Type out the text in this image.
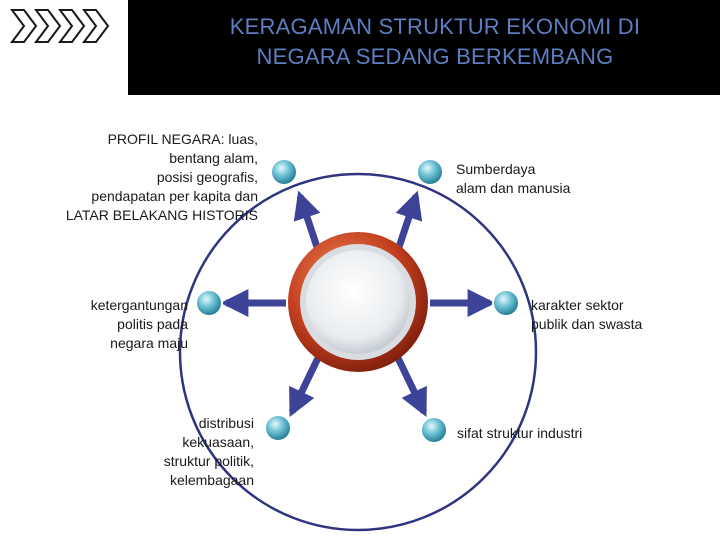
KERAGAMAN STRUKTUR EKONOMI DI
NEGARA SEDANG BERKEMBANG
PROFIL NEGARA: luas,
bentang alam,
posisi geografis,
pendapatan per kapita dan
LATAR BELAKANG HISTORIS
Sumberdaya
alam dan manusia
ketergantungan
politis pada
negara maju
karakter sektor
publik dan swasta
distribusi
kekuasaan,
struktur politik,
kelembagaan
sifat struktur industri
